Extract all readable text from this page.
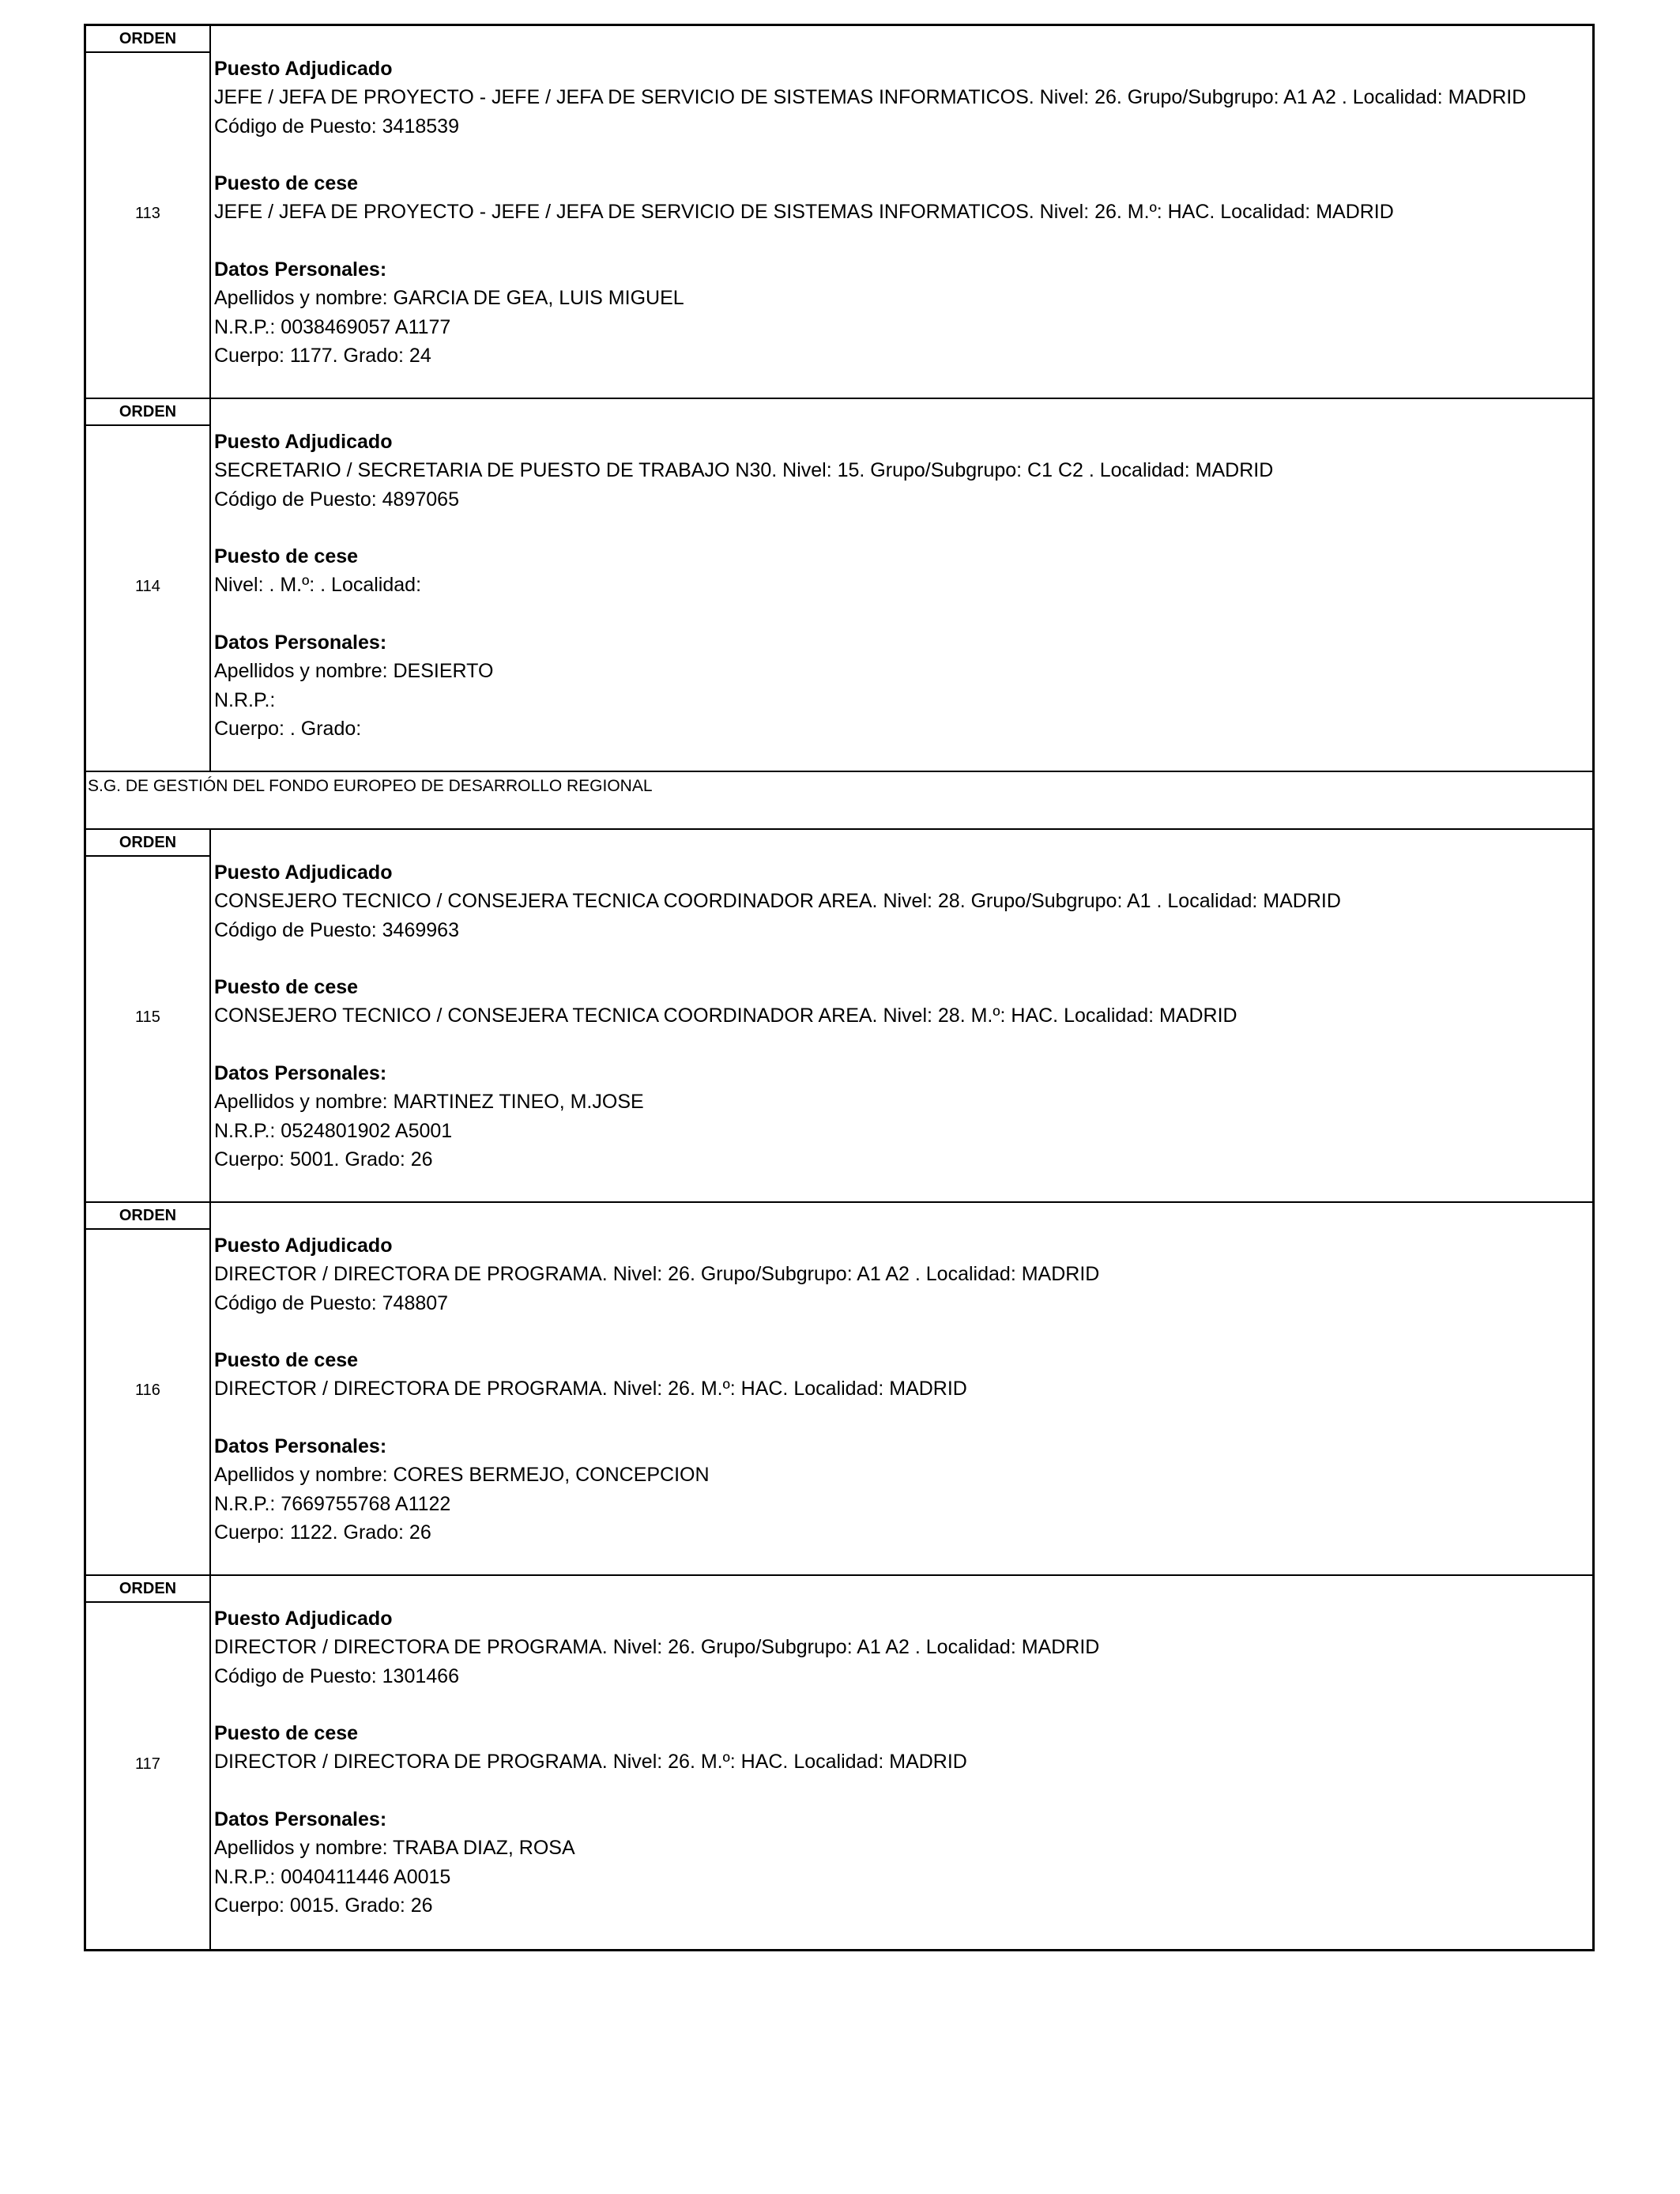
ORDEN
113
Puesto Adjudicado
JEFE / JEFA DE PROYECTO - JEFE / JEFA DE SERVICIO DE SISTEMAS INFORMATICOS. Nivel: 26. Grupo/Subgrupo: A1 A2 . Localidad: MADRID
Código de Puesto: 3418539
Puesto de cese
JEFE / JEFA DE PROYECTO - JEFE / JEFA DE SERVICIO DE SISTEMAS INFORMATICOS. Nivel: 26. M.º: HAC. Localidad: MADRID
Datos Personales:
Apellidos y nombre: GARCIA DE GEA, LUIS MIGUEL
N.R.P.: 0038469057 A1177
Cuerpo: 1177. Grado: 24
ORDEN
114
Puesto Adjudicado
SECRETARIO / SECRETARIA DE PUESTO DE TRABAJO N30. Nivel: 15. Grupo/Subgrupo: C1 C2 . Localidad: MADRID
Código de Puesto: 4897065
Puesto de cese
Nivel: . M.º: . Localidad:
Datos Personales:
Apellidos y nombre: DESIERTO
N.R.P.:
Cuerpo: . Grado:
S.G. DE GESTIÓN DEL FONDO EUROPEO DE DESARROLLO REGIONAL
ORDEN
115
Puesto Adjudicado
CONSEJERO TECNICO / CONSEJERA TECNICA COORDINADOR AREA. Nivel: 28. Grupo/Subgrupo: A1 . Localidad: MADRID
Código de Puesto: 3469963
Puesto de cese
CONSEJERO TECNICO / CONSEJERA TECNICA COORDINADOR AREA. Nivel: 28. M.º: HAC. Localidad: MADRID
Datos Personales:
Apellidos y nombre: MARTINEZ TINEO, M.JOSE
N.R.P.: 0524801902 A5001
Cuerpo: 5001. Grado: 26
ORDEN
116
Puesto Adjudicado
DIRECTOR / DIRECTORA DE PROGRAMA. Nivel: 26. Grupo/Subgrupo: A1 A2 . Localidad: MADRID
Código de Puesto: 748807
Puesto de cese
DIRECTOR / DIRECTORA DE PROGRAMA. Nivel: 26. M.º: HAC. Localidad: MADRID
Datos Personales:
Apellidos y nombre: CORES BERMEJO, CONCEPCION
N.R.P.: 7669755768 A1122
Cuerpo: 1122. Grado: 26
ORDEN
117
Puesto Adjudicado
DIRECTOR / DIRECTORA DE PROGRAMA. Nivel: 26. Grupo/Subgrupo: A1 A2 . Localidad: MADRID
Código de Puesto: 1301466
Puesto de cese
DIRECTOR / DIRECTORA DE PROGRAMA. Nivel: 26. M.º: HAC. Localidad: MADRID
Datos Personales:
Apellidos y nombre: TRABA DIAZ, ROSA
N.R.P.: 0040411446 A0015
Cuerpo: 0015. Grado: 26
